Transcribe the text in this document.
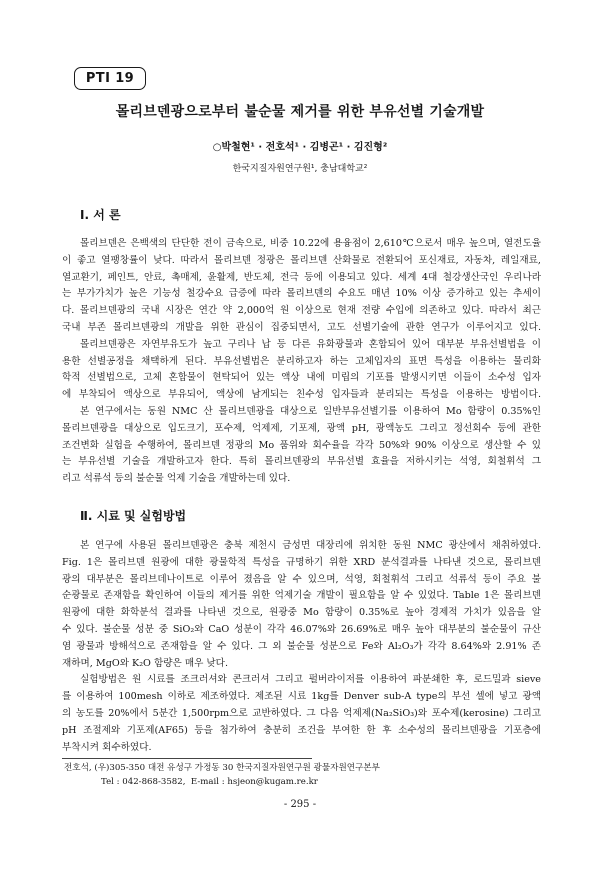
PTI 19
몰리브덴광으로부터 불순물 제거를 위한 부유선별 기술개발
○박철현¹ · 전호석¹ · 김병곤¹ · 김진형²
한국지질자원연구원¹, 충남대학교²
Ⅰ. 서 론
몰리브덴은 은백색의 단단한 전이 금속으로, 비중 10.22에 용융점이 2,610℃으로서 매우 높으며, 열전도율
이 좋고 열팽창률이 낮다. 따라서 몰리브덴 정광은 몰리브덴 산화물로 전환되어 포신재료, 자동차, 레일재료,
열교환기, 페인트, 안료, 촉매제, 윤활제, 반도체, 전극 등에 이용되고 있다. 세계 4대 철강생산국인 우리나라
는 부가가치가 높은 기능성 철강수요 급증에 따라 몰리브덴의 수요도 매년 10% 이상 증가하고 있는 추세이
다. 몰리브덴광의 국내 시장은 연간 약 2,000억 원 이상으로 현재 전량 수입에 의존하고 있다. 따라서 최근
국내 부존 몰리브덴광의 개발을 위한 관심이 집중되면서, 고도 선별기술에 관한 연구가 이루어지고 있다.
몰리브덴광은 자연부유도가 높고 구리나 납 등 다른 유화광물과 혼합되어 있어 대부분 부유선별법을 이
용한 선별공정을 채택하게 된다. 부유선별법은 분리하고자 하는 고체입자의 표면 특성을 이용하는 물리화
학적 선별법으로, 고체 혼합물이 현탁되어 있는 액상 내에 미립의 기포를 발생시키면 이들이 소수성 입자
에 부착되어 액상으로 부유되어, 액상에 남게되는 친수성 입자들과 분리되는 특성을 이용하는 방법이다.
본 연구에서는 동원 NMC 산 몰리브덴광을 대상으로 일반부유선별기를 이용하여 Mo 함량이 0.35%인
몰리브덴광을 대상으로 입도크기, 포수제, 억제제, 기포제, 광액 pH, 광액농도 그리고 정선회수 등에 관한
조건변화 실험을 수행하여, 몰리브덴 정광의 Mo 품위와 회수율을 각각 50%와 90% 이상으로 생산할 수 있
는 부유선별 기술을 개발하고자 한다. 특히 몰리브덴광의 부유선별 효율을 저하시키는 석영, 회철휘석 그
리고 석류석 등의 불순물 억제 기술을 개발하는데 있다.
Ⅱ. 시료 및 실험방법
본 연구에 사용된 몰리브덴광은 충북 제천시 금성면 대장리에 위치한 동원 NMC 광산에서 채취하였다.
Fig. 1은 몰리브덴 원광에 대한 광물학적 특성을 규명하기 위한 XRD 분석결과를 나타낸 것으로, 몰리브덴
광의 대부분은 몰리브데나이트로 이루어 졌음을 알 수 있으며, 석영, 회철휘석 그리고 석류석 등이 주요 불
순광물로 존재함을 확인하여 이들의 제거를 위한 억제기술 개발이 필요함을 알 수 있었다. Table 1은 몰리브덴
원광에 대한 화학분석 결과를 나타낸 것으로, 원광중 Mo 함량이 0.35%로 높아 경제적 가치가 있음을 알
수 있다. 불순물 성분 중 SiO₂와 CaO 성분이 각각 46.07%와 26.69%로 매우 높아 대부분의 불순물이 규산
염 광물과 방해석으로 존재함을 알 수 있다. 그 외 불순물 성분으로 Fe와 Al₂O₃가 각각 8.64%와 2.91% 존
재하며, MgO와 K₂O 함량은 매우 낮다.
실험방법은 원 시료를 조크러셔와 콘크러셔 그리고 펄버라이저를 이용하여 파분쇄한 후, 로드밀과 sieve
를 이용하여 100mesh 이하로 제조하였다. 제조된 시료 1kg를 Denver sub-A type의 부선 셀에 넣고 광액
의 농도를 20%에서 5분간 1,500rpm으로 교반하였다. 그 다음 억제제(Na₂SiO₃)와 포수제(kerosine) 그리고
pH 조절제와 기포제(AF65) 등을 첨가하여 충분히 조건을 부여한 한 후 소수성의 몰리브덴광을 기포층에
부착시켜 회수하였다.
전호석, (우)305-350 대전 유성구 가정동 30 한국지질자원연구원 광물자원연구본부
Tel : 042-868-3582,  E-mail : hsjeon@kugam.re.kr
- 295 -
